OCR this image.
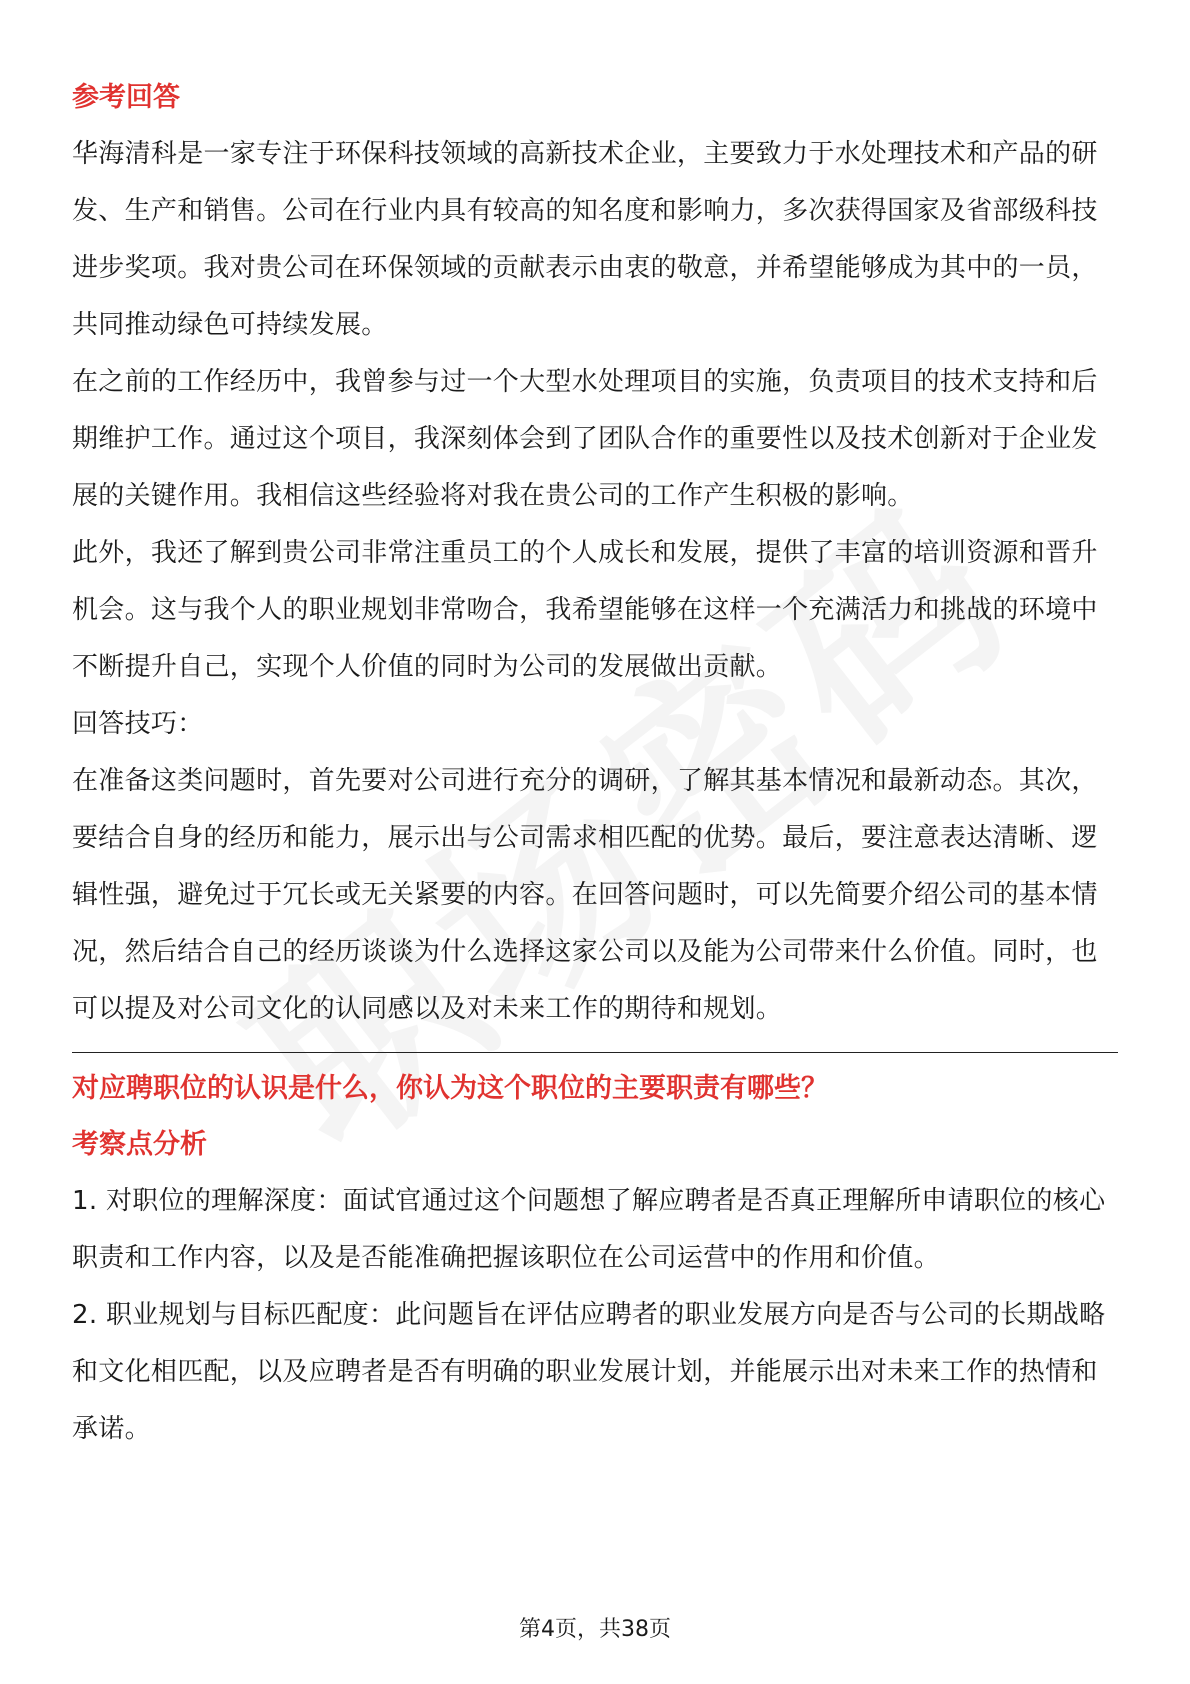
参考回答

华海清科是一家专注于环保科技领域的高新技术企业，主要致力于水处理技术和产品的研发、生产和销售。公司在行业内具有较高的知名度和影响力，多次获得国家及省部级科技进步奖项。我对贵公司在环保领域的贡献表示由衷的敬意，并希望能够成为其中的一员，共同推动绿色可持续发展。

在之前的工作经历中，我曾参与过一个大型水处理项目的实施，负责项目的技术支持和后期维护工作。通过这个项目，我深刻体会到了团队合作的重要性以及技术创新对于企业发展的关键作用。我相信这些经验将对我在贵公司的工作产生积极的影响。

此外，我还了解到贵公司非常注重员工的个人成长和发展，提供了丰富的培训资源和晋升机会。这与我个人的职业规划非常吻合，我希望能够在这样一个充满活力和挑战的环境中不断提升自己，实现个人价值的同时为公司的发展做出贡献。

回答技巧：

在准备这类问题时，首先要对公司进行充分的调研，了解其基本情况和最新动态。其次，要结合自身的经历和能力，展示出与公司需求相匹配的优势。最后，要注意表达清晰、逻辑性强，避免过于冗长或无关紧要的内容。在回答问题时，可以先简要介绍公司的基本情况，然后结合自己的经历谈谈为什么选择这家公司以及能为公司带来什么价值。同时，也可以提及对公司文化的认同感以及对未来工作的期待和规划。

对应聘职位的认识是什么，你认为这个职位的主要职责有哪些？

考察点分析

1. 对职位的理解深度：面试官通过这个问题想了解应聘者是否真正理解所申请职位的核心职责和工作内容，以及是否能准确把握该职位在公司运营中的作用和价值。

2. 职业规划与目标匹配度：此问题旨在评估应聘者的职业发展方向是否与公司的长期战略和文化相匹配，以及应聘者是否有明确的职业发展计划，并能展示出对未来工作的热情和承诺。

第4页，共38页
